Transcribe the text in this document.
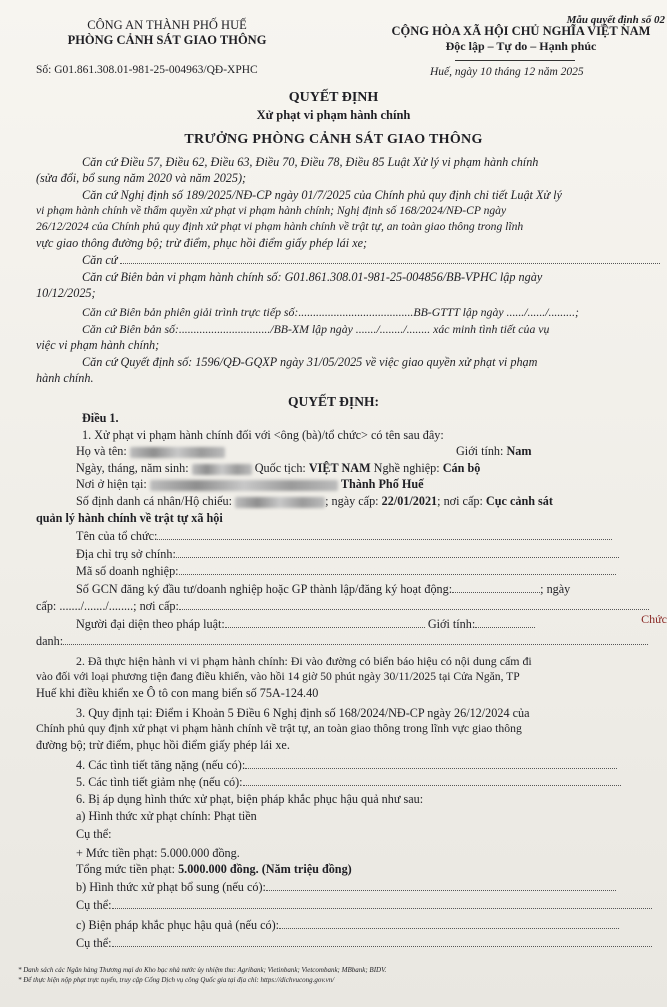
CÔNG AN THÀNH PHỐ HUẾ
PHÒNG CẢNH SÁT GIAO THÔNG
Số: G01.861.308.01-981-25-004963/QĐ-XPHC
Mẫu quyết định số 02
CỘNG HÒA XÃ HỘI CHỦ NGHĨA VIỆT NAM
Độc lập – Tự do – Hạnh phúc
Huế, ngày 10 tháng 12 năm 2025
QUYẾT ĐỊNH
Xử phạt vi phạm hành chính
TRƯỞNG PHÒNG CẢNH SÁT GIAO THÔNG
Căn cứ Điều 57, Điều 62, Điều 63, Điều 70, Điều 78, Điều 85 Luật Xử lý vi phạm hành chính
(sửa đổi, bổ sung năm 2020 và năm 2025);
Căn cứ Nghị định số 189/2025/NĐ-CP ngày 01/7/2025 của Chính phủ quy định chi tiết Luật Xử lý
vi phạm hành chính về thẩm quyền xử phạt vi phạm hành chính; Nghị định số 168/2024/NĐ-CP ngày
26/12/2024 của Chính phủ quy định xử phạt vi phạm hành chính về trật tự, an toàn giao thông trong lĩnh
vực giao thông đường bộ; trừ điểm, phục hồi điểm giấy phép lái xe;
Căn cứ
Căn cứ Biên bản vi phạm hành chính số: G01.861.308.01-981-25-004856/BB-VPHC lập ngày
10/12/2025;
Căn cứ Biên bản phiên giải trình trực tiếp số:.......................................BB-GTTT lập ngày ....../....../.........;
Căn cứ Biên bản số:.............................../BB-XM lập ngày ......./......../........ xác minh tình tiết của vụ
việc vi phạm hành chính;
Căn cứ Quyết định số: 1596/QĐ-GQXP ngày 31/05/2025 về việc giao quyền xử phạt vi phạm
hành chính.
QUYẾT ĐỊNH:
Điều 1.
1. Xử phạt vi phạm hành chính đối với <ông (bà)/tổ chức> có tên sau đây:
Họ và tên:	Giới tính: Nam
Ngày, tháng, năm sinh:	Quốc tịch: VIỆT NAM Nghề nghiệp: Cán bộ
Nơi ở hiện tại:	Thành Phố Huế
Số định danh cá nhân/Hộ chiếu:	; ngày cấp: 22/01/2021; nơi cấp: Cục cảnh sát
quản lý hành chính về trật tự xã hội
Tên của tổ chức:
Địa chỉ trụ sở chính:
Mã số doanh nghiệp:
Số GCN đăng ký đầu tư/doanh nghiệp hoặc GP thành lập/đăng ký hoạt động:	; ngày
cấp: ......./......./........; nơi cấp:
Người đại diện theo pháp luật:	Giới tính:	Chức
danh:
2. Đã thực hiện hành vi vi phạm hành chính: Đi vào đường có biển báo hiệu có nội dung cấm đi
vào đối với loại phương tiện đang điều khiển, vào hồi 14 giờ 50 phút ngày 30/11/2025 tại Cửa Ngăn, TP
Huế khi điều khiển xe Ô tô con mang biển số 75A-124.40
3. Quy định tại: Điểm i Khoản 5 Điều 6 Nghị định số 168/2024/NĐ-CP ngày 26/12/2024 của
Chính phủ quy định xử phạt vi phạm hành chính về trật tự, an toàn giao thông trong lĩnh vực giao thông
đường bộ; trừ điểm, phục hồi điểm giấy phép lái xe.
4. Các tình tiết tăng nặng (nếu có):
5. Các tình tiết giảm nhẹ (nếu có):
6. Bị áp dụng hình thức xử phạt, biện pháp khắc phục hậu quả như sau:
a) Hình thức xử phạt chính: Phạt tiền
Cụ thể:
+ Mức tiền phạt: 5.000.000 đồng.
Tổng mức tiền phạt: 5.000.000 đồng. (Năm triệu đồng)
b) Hình thức xử phạt bổ sung (nếu có):
Cụ thể:
c) Biện pháp khắc phục hậu quả (nếu có):
Cụ thể:
* Danh sách các Ngân hàng Thương mại do Kho bạc nhà nước ủy nhiệm thu: Agribank; Vietinbank; Vietcombank; MBbank; BIDV.
* Để thực hiện nộp phạt trực tuyến, truy cập Cổng Dịch vụ công Quốc gia tại địa chỉ: https://dichvucong.gov.vn/
